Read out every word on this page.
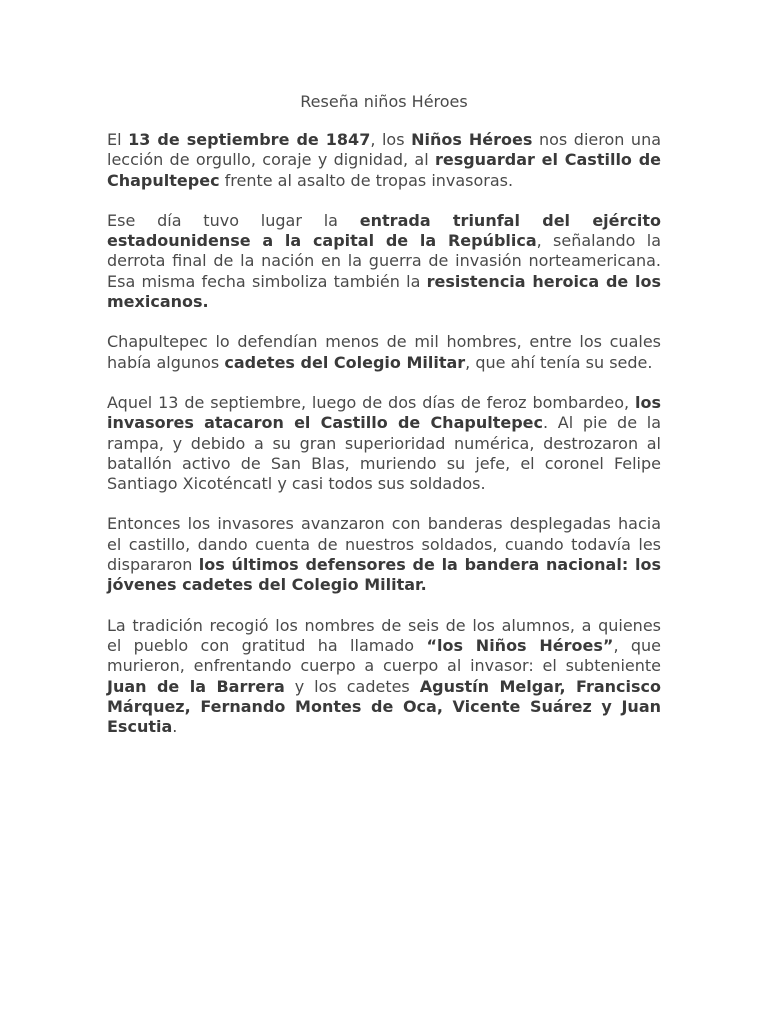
Reseña niños Héroes

El 13 de septiembre de 1847, los Niños Héroes nos dieron una lección de orgullo, coraje y dignidad, al resguardar el Castillo de Chapultepec frente al asalto de tropas invasoras.

Ese día tuvo lugar la entrada triunfal del ejército estadounidense a la capital de la República, señalando la derrota final de la nación en la guerra de invasión norteamericana. Esa misma fecha simboliza también la resistencia heroica de los mexicanos.

Chapultepec lo defendían menos de mil hombres, entre los cuales había algunos cadetes del Colegio Militar, que ahí tenía su sede.

Aquel 13 de septiembre, luego de dos días de feroz bombardeo, los invasores atacaron el Castillo de Chapultepec. Al pie de la rampa, y debido a su gran superioridad numérica, destrozaron al batallón activo de San Blas, muriendo su jefe, el coronel Felipe Santiago Xicoténcatl y casi todos sus soldados.

Entonces los invasores avanzaron con banderas desplegadas hacia el castillo, dando cuenta de nuestros soldados, cuando todavía les dispararon los últimos defensores de la bandera nacional: los jóvenes cadetes del Colegio Militar.

La tradición recogió los nombres de seis de los alumnos, a quienes el pueblo con gratitud ha llamado “los Niños Héroes”, que murieron, enfrentando cuerpo a cuerpo al invasor: el subteniente Juan de la Barrera y los cadetes Agustín Melgar, Francisco Márquez, Fernando Montes de Oca, Vicente Suárez y Juan Escutia.
